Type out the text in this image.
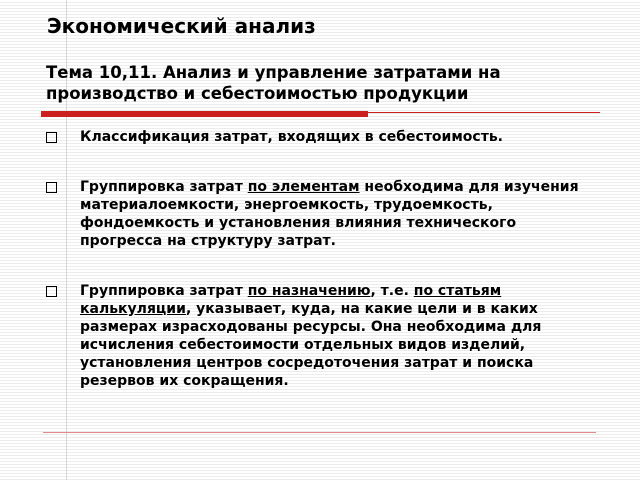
Экономический анализ
Тема 10,11. Анализ и управление затратами на производство и себестоимостью продукции
Классификация затрат, входящих в себестоимость.
Группировка затрат по элементам необходима для изучения материалоемкости, энергоемкость, трудоемкость, фондоемкость и установления влияния технического прогресса на структуру затрат.
Группировка затрат по назначению, т.е. по статьям калькуляции, указывает, куда, на какие цели и в каких размерах израсходованы ресурсы. Она необходима для исчисления себестоимости отдельных видов изделий, установления центров сосредоточения затрат и поиска резервов их сокращения.
